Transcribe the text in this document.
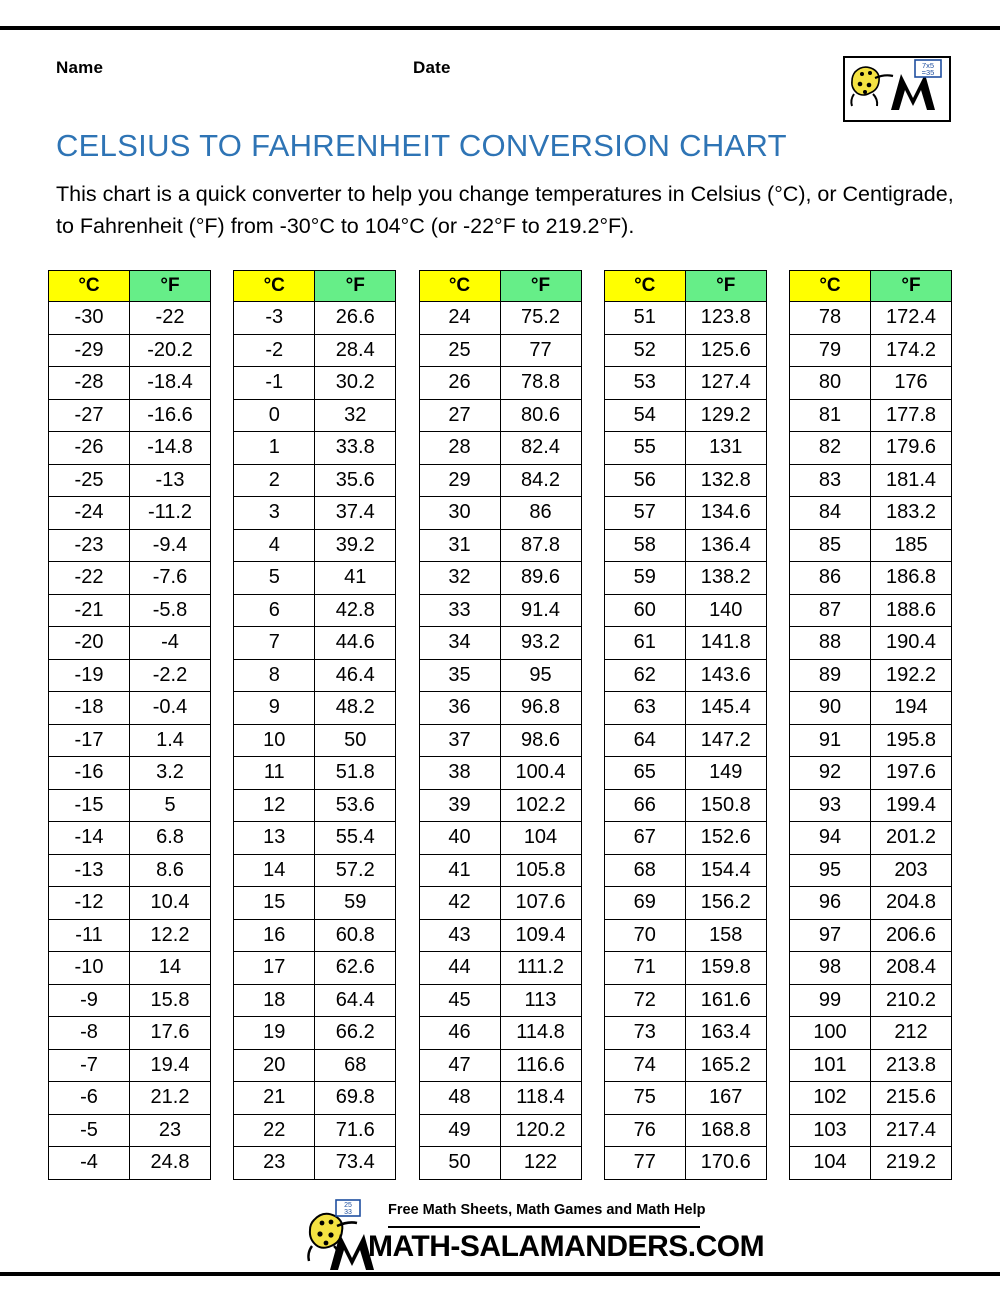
Name	Date	7x5
=35
CELSIUS TO FAHRENHEIT CONVERSION CHART
This chart is a quick converter to help you change temperatures in Celsius (°C), or Centigrade, to Fahrenheit (°F) from -30°C to 104°C (or -22°F to 219.2°F).
°C	°F
-30	-22
-29	-20.2
-28	-18.4
-27	-16.6
-26	-14.8
-25	-13
-24	-11.2
-23	-9.4
-22	-7.6
-21	-5.8
-20	-4
-19	-2.2
-18	-0.4
-17	1.4
-16	3.2
-15	5
-14	6.8
-13	8.6
-12	10.4
-11	12.2
-10	14
-9	15.8
-8	17.6
-7	19.4
-6	21.2
-5	23
-4	24.8
°C	°F
-3	26.6
-2	28.4
-1	30.2
0	32
1	33.8
2	35.6
3	37.4
4	39.2
5	41
6	42.8
7	44.6
8	46.4
9	48.2
10	50
11	51.8
12	53.6
13	55.4
14	57.2
15	59
16	60.8
17	62.6
18	64.4
19	66.2
20	68
21	69.8
22	71.6
23	73.4
°C	°F
24	75.2
25	77
26	78.8
27	80.6
28	82.4
29	84.2
30	86
31	87.8
32	89.6
33	91.4
34	93.2
35	95
36	96.8
37	98.6
38	100.4
39	102.2
40	104
41	105.8
42	107.6
43	109.4
44	111.2
45	113
46	114.8
47	116.6
48	118.4
49	120.2
50	122
°C	°F
51	123.8
52	125.6
53	127.4
54	129.2
55	131
56	132.8
57	134.6
58	136.4
59	138.2
60	140
61	141.8
62	143.6
63	145.4
64	147.2
65	149
66	150.8
67	152.6
68	154.4
69	156.2
70	158
71	159.8
72	161.6
73	163.4
74	165.2
75	167
76	168.8
77	170.6
°C	°F
78	172.4
79	174.2
80	176
81	177.8
82	179.6
83	181.4
84	183.2
85	185
86	186.8
87	188.6
88	190.4
89	192.2
90	194
91	195.8
92	197.6
93	199.4
94	201.2
95	203
96	204.8
97	206.6
98	208.4
99	210.2
100	212
101	213.8
102	215.6
103	217.4
104	219.2
25
33 Free Math Sheets, Math Games and Math Help
MATH-SALAMANDERS.COM
